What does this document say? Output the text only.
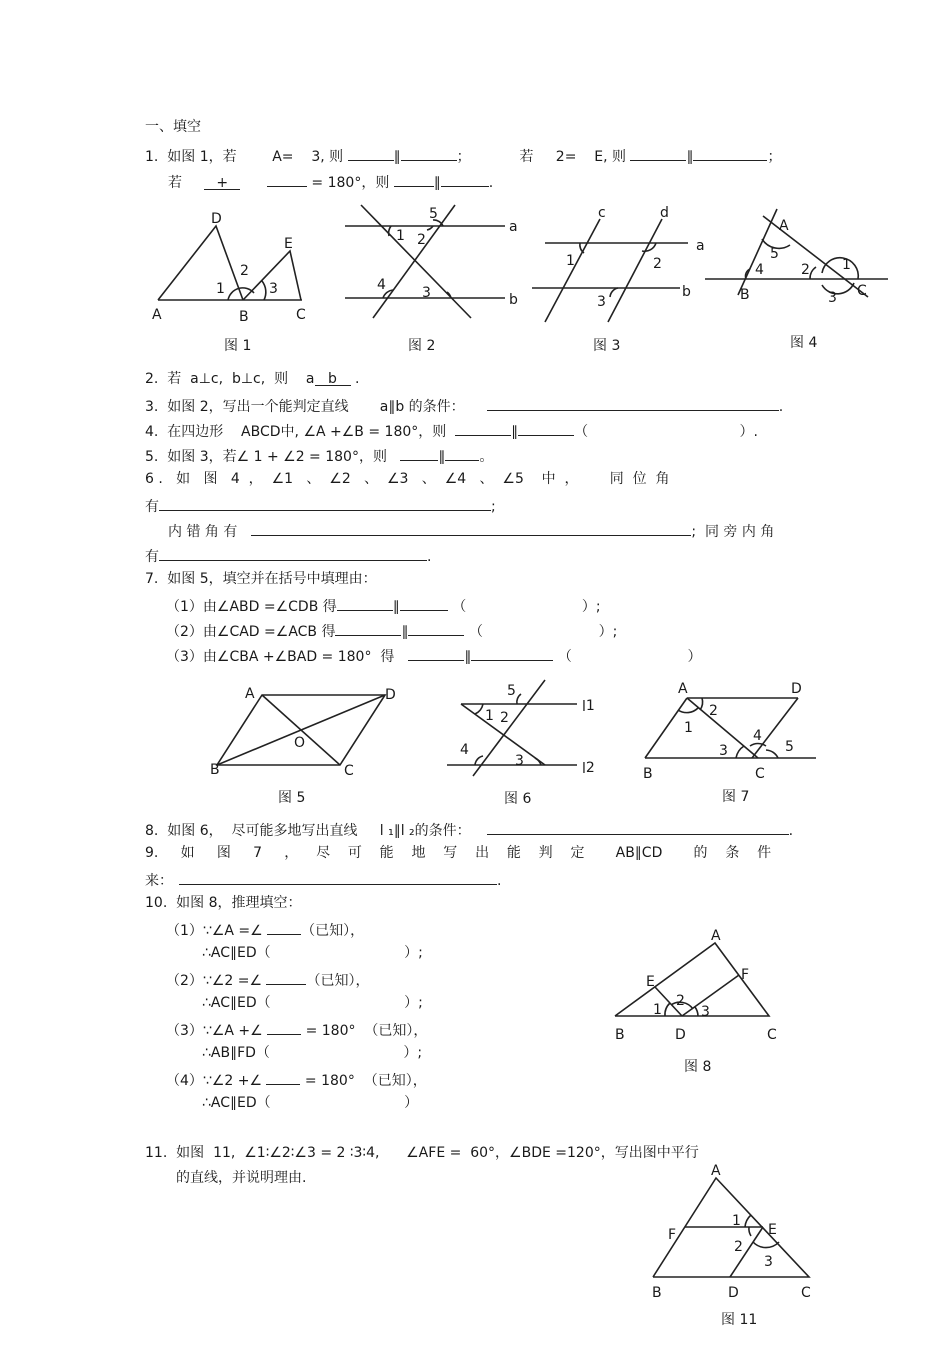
一、填空
1.  如图 1，若        A=    3, 则	∥	；           若     2=    E, 则	∥	；
若     +	= 180°，则	∥	.
A	B	C
D
E
1
2
3
图 1
1 2
3
4
5
a
b
图 2
1	2
3
c	d
a
b
图 3
A
B	C
1
2
3
4
5
图 4
2.  若  a⊥c,  b⊥c,  则    a b .
3.  如图 2，写出一个能判定直线       a∥b 的条件：	.
4.  在四边形    ABCD中, ∠A +∠B = 180°，则	∥	（                                  ）.
5.  如图 3，若∠ 1 + ∠2 = 180°，则	∥ 。
6 .   如   图   4  ，  ∠1   、  ∠2   、  ∠3   、  ∠4   、  ∠5    中  ，       同  位  角
有	;
内 错 角 有	;  同 旁 内 角
有	.
7.  如图 5，填空并在括号中填理由：
（1）由∠ABD =∠CDB 得	∥	（                          ）;
（2）由∠CAD =∠ACB 得	∥	（                          ）;
（3）由∠CBA +∠BAD = 180°  得	∥	（                          ）
A
B	C
D
O
图 5
1 2
3
4
5
l1
l2
图 6
A
B	C
D
1
2
3
4
5
图 7
8.  如图 6，  尽可能多地写出直线     l ₁∥l ₂的条件：	.
9.     如     图     7     ，    尽    可    能    地    写    出    能    判    定       AB∥CD       的    条    件
来：	.
10.  如图 8，推理填空：
（1）∵∠A =∠ （已知），
∴AC∥ED（                              ）;
（2）∵∠2 =∠	（已知），
∴AC∥ED（                              ）;
（3）∵∠A +∠  = 180°  （已知），
∴AB∥FD（                              ）;
（4）∵∠2 +∠  = 180°  （已知），
∴AC∥ED（                              ）
A
B	C
D
E	F
1
2
3
图 8
11.  如图  11,  ∠1∶∠2∶∠3 = 2 ∶3∶4,      ∠AFE =  60°，∠BDE =120°，写出图中平行
的直线，并说明理由.	A
B	C
D
E
F
1
2
3
图 11
